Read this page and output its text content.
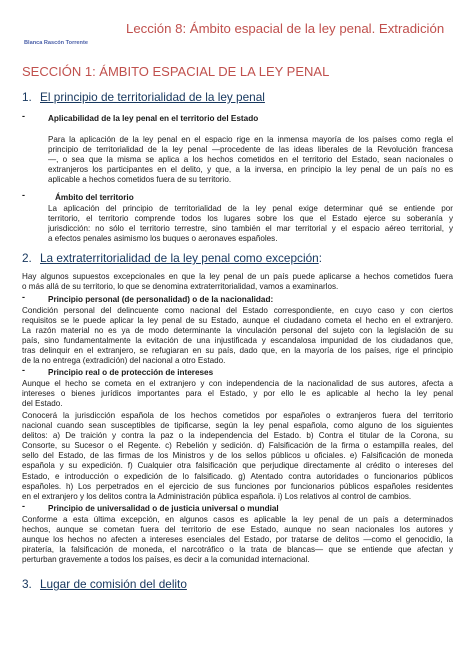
Lección 8: Ámbito espacial de la ley penal. Extradición
Blanca Rascón Torrente
SECCIÓN 1: ÁMBITO ESPACIAL DE LA LEY PENAL
1. El principio de territorialidad de la ley penal
-	Aplicabilidad de la ley penal en el territorio del Estado
Para la aplicación de la ley penal en el espacio rige en la inmensa mayoría de los países como regla el
principio de territorialidad de la ley penal —procedente de las ideas liberales de la Revolución francesa
—, o sea que la misma se aplica a los hechos cometidos en el territorio del Estado, sean nacionales o
extranjeros los participantes en el delito, y que, a la inversa, en principio la ley penal de un país no es
aplicable a hechos cometidos fuera de su territorio.
-	Ámbito del territorio
La aplicación del principio de territorialidad de la ley penal exige determinar qué se entiende por
territorio, el territorio comprende todos los lugares sobre los que el Estado ejerce su soberanía y
jurisdicción: no sólo el territorio terrestre, sino también el mar territorial y el espacio aéreo territorial, y
a efectos penales asimismo los buques o aeronaves españoles.
2. La extraterritorialidad de la ley penal como excepción:
Hay algunos supuestos excepcionales en que la ley penal de un país puede aplicarse a hechos cometidos fuera
o más allá de su territorio, lo que se denomina extraterritorialidad, vamos a examinarlos.
-	Principio personal (de personalidad) o de la nacionalidad:
Condición personal del delincuente como nacional del Estado correspondiente, en cuyo caso y con ciertos
requisitos se le puede aplicar la ley penal de su Estado, aunque el ciudadano cometa el hecho en el extranjero.
La razón material no es ya de modo determinante la vinculación personal del sujeto con la legislación de su
país, sino fundamentalmente la evitación de una injustificada y escandalosa impunidad de los ciudadanos que,
tras delinquir en el extranjero, se refugiaran en su país, dado que, en la mayoría de los países, rige el principio
de la no entrega (extradición) del nacional a otro Estado.
-	Principio real o de protección de intereses
Aunque el hecho se cometa en el extranjero y con independencia de la nacionalidad de sus autores, afecta a
intereses o bienes jurídicos importantes para el Estado, y por ello le es aplicable al hecho la ley penal
del Estado.
Conocerá la jurisdicción española de los hechos cometidos por españoles o extranjeros fuera del territorio
nacional cuando sean susceptibles de tipificarse, según la ley penal española, como alguno de los siguientes
delitos: a) De traición y contra la paz o la independencia del Estado. b) Contra el titular de la Corona, su
Consorte, su Sucesor o el Regente. c) Rebelión y sedición. d) Falsificación de la firma o estampilla reales, del
sello del Estado, de las firmas de los Ministros y de los sellos públicos u oficiales. e) Falsificación de moneda
española y su expedición. f) Cualquier otra falsificación que perjudique directamente al crédito o intereses del
Estado, e introducción o expedición de lo falsificado. g) Atentado contra autoridades o funcionarios públicos
españoles. h) Los perpetrados en el ejercicio de sus funciones por funcionarios públicos españoles residentes
en el extranjero y los delitos contra la Administración pública española. i) Los relativos al control de cambios.
-	Principio de universalidad o de justicia universal o mundial
Conforme a esta última excepción, en algunos casos es aplicable la ley penal de un país a determinados
hechos, aunque se cometan fuera del territorio de ese Estado, aunque no sean nacionales los autores y
aunque los hechos no afecten a intereses esenciales del Estado, por tratarse de delitos —como el genocidio, la
piratería, la falsificación de moneda, el narcotráfico o la trata de blancas— que se entiende que afectan y
perturban gravemente a todos los países, es decir a la comunidad internacional.
3. Lugar de comisión del delito
